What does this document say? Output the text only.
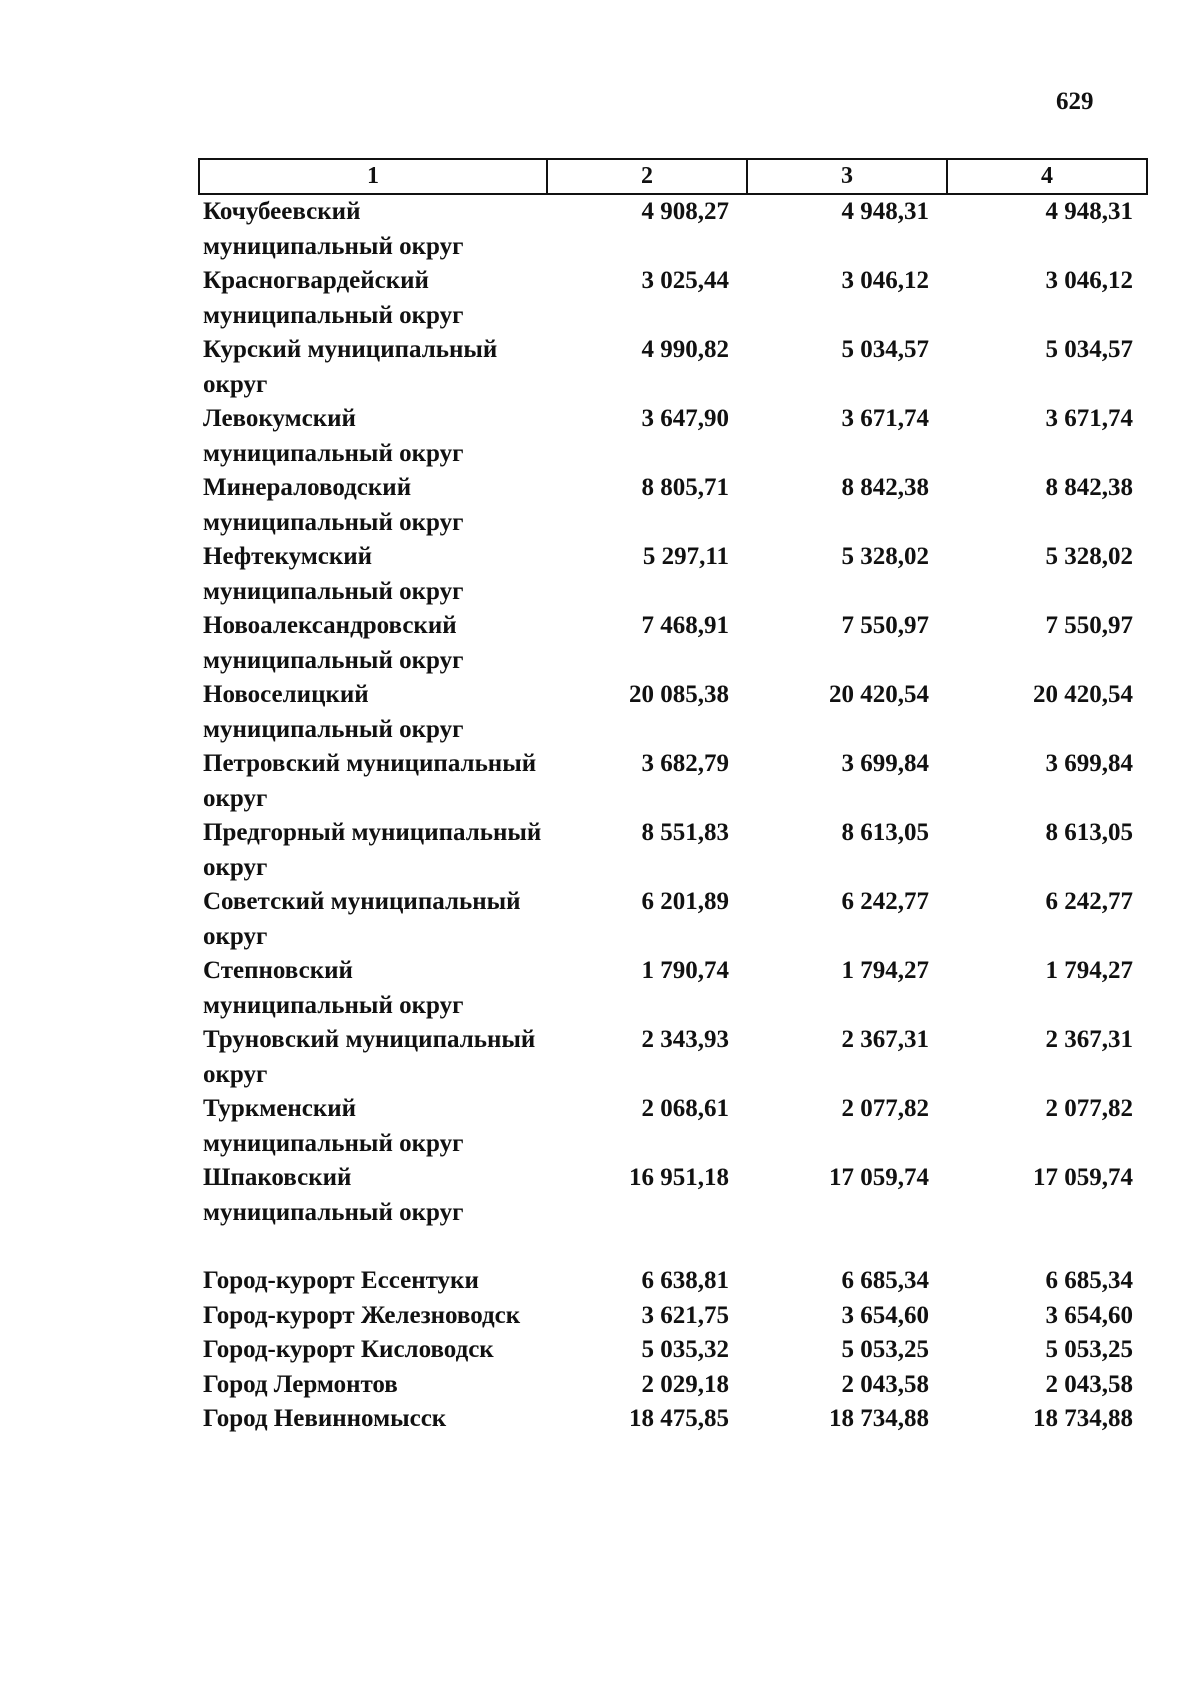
629
1	2	3	4
Кочубеевский муниципальный округ	4 908,27	4 948,31	4 948,31
Красногвардейский муниципальный округ	3 025,44	3 046,12	3 046,12
Курский муниципальный округ	4 990,82	5 034,57	5 034,57
Левокумский муниципальный округ	3 647,90	3 671,74	3 671,74
Минераловодский муниципальный округ	8 805,71	8 842,38	8 842,38
Нефтекумский муниципальный округ	5 297,11	5 328,02	5 328,02
Новоалександровский муниципальный округ	7 468,91	7 550,97	7 550,97
Новоселицкий муниципальный округ	20 085,38	20 420,54	20 420,54
Петровский муниципальный округ	3 682,79	3 699,84	3 699,84
Предгорный муниципальный округ	8 551,83	8 613,05	8 613,05
Советский муниципальный округ	6 201,89	6 242,77	6 242,77
Степновский муниципальный округ	1 790,74	1 794,27	1 794,27
Труновский муниципальный округ	2 343,93	2 367,31	2 367,31
Туркменский муниципальный округ	2 068,61	2 077,82	2 077,82
Шпаковский муниципальный округ	16 951,18	17 059,74	17 059,74

Город-курорт Ессентуки	6 638,81	6 685,34	6 685,34
Город-курорт Железноводск	3 621,75	3 654,60	3 654,60
Город-курорт Кисловодск	5 035,32	5 053,25	5 053,25
Город Лермонтов	2 029,18	2 043,58	2 043,58
Город Невинномысск	18 475,85	18 734,88	18 734,88
